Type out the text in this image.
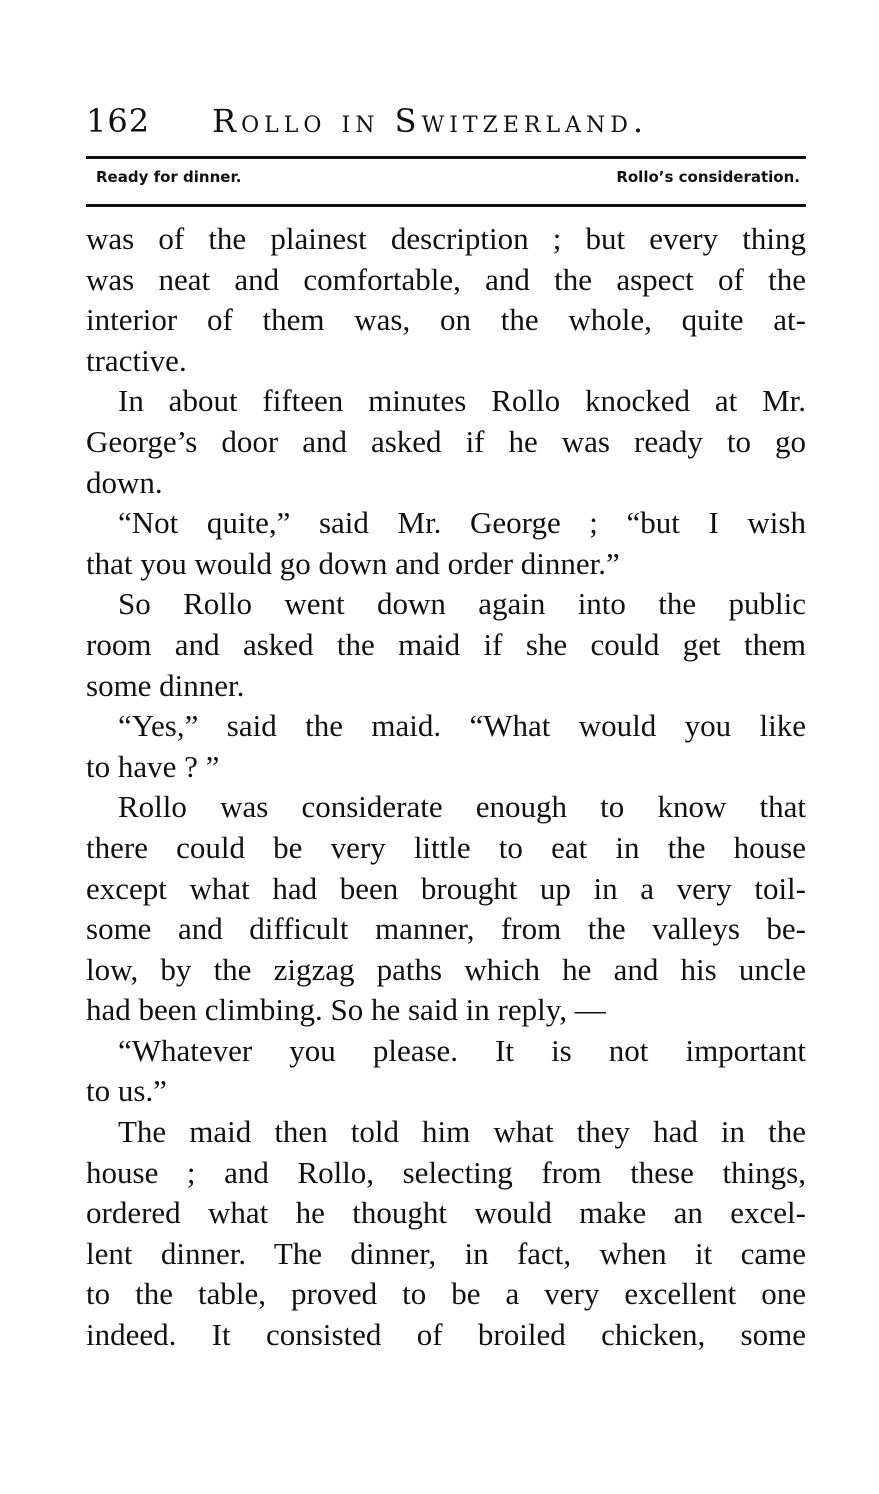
162 Rollo in Switzerland.
Ready for dinner.	Rollo’s consideration.
was of the plainest description ; but every thing
was neat and comfortable, and the aspect of the
interior of them was, on the whole, quite at-
tractive.
In about fifteen minutes Rollo knocked at Mr.
George’s door and asked if he was ready to go
down.
“Not quite,” said Mr. George ; “but I wish
that you would go down and order dinner.”
So Rollo went down again into the public
room and asked the maid if she could get them
some dinner.
“Yes,” said the maid. “What would you like
to have ? ”
Rollo was considerate enough to know that
there could be very little to eat in the house
except what had been brought up in a very toil-
some and difficult manner, from the valleys be-
low, by the zigzag paths which he and his uncle
had been climbing. So he said in reply, —
“Whatever you please. It is not important
to us.”
The maid then told him what they had in the
house ; and Rollo, selecting from these things,
ordered what he thought would make an excel-
lent dinner. The dinner, in fact, when it came
to the table, proved to be a very excellent one
indeed. It consisted of broiled chicken, some
